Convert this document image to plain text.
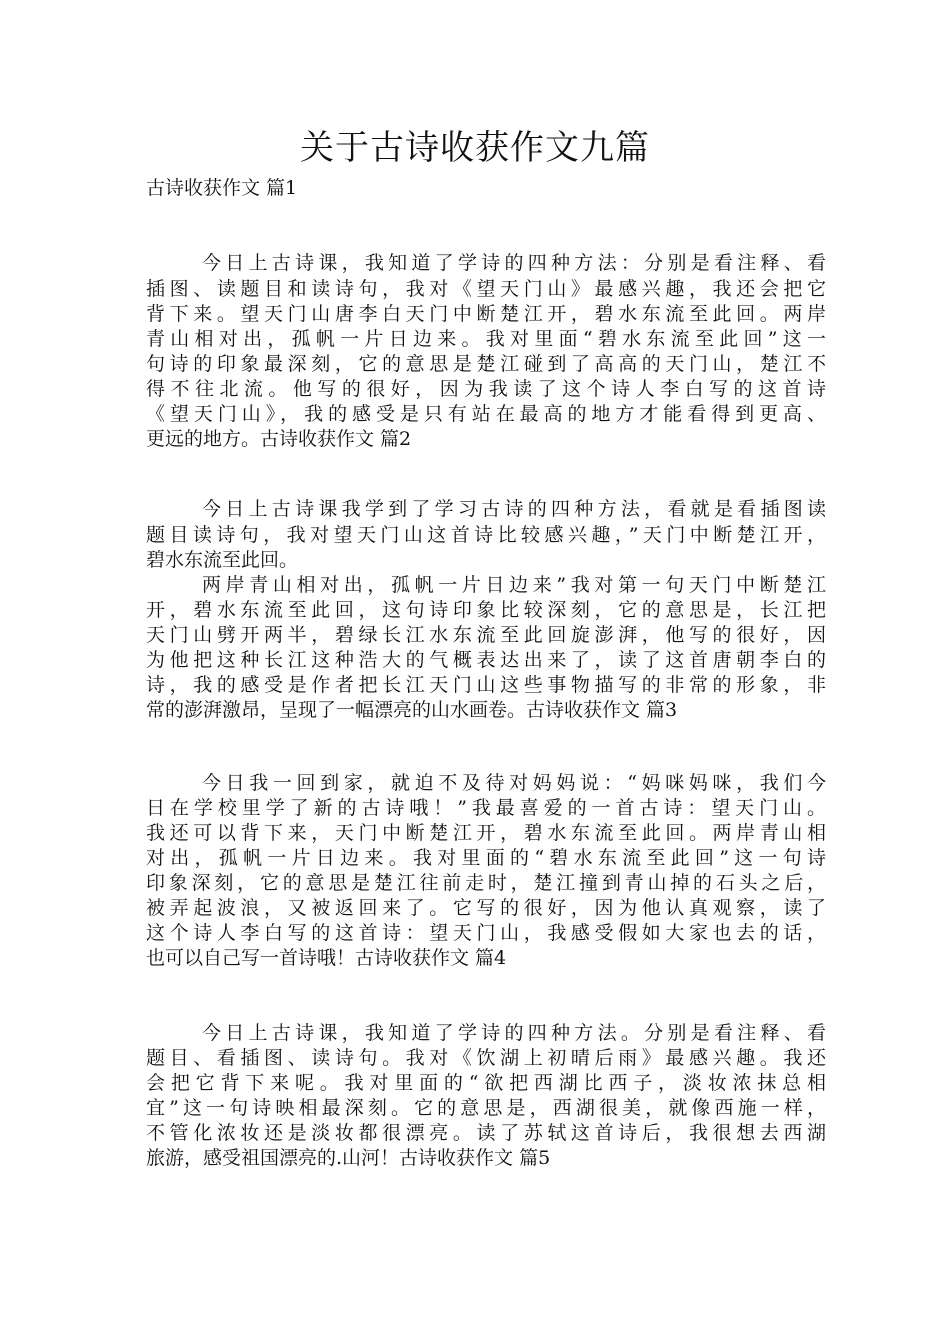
关于古诗收获作文九篇
古诗收获作文 篇1
今日上古诗课，我知道了学诗的四种方法：分别是看注释、看
插图、读题目和读诗句，我对《望天门山》最感兴趣，我还会把它
背下来。望天门山唐李白天门中断楚江开，碧水东流至此回。两岸
青山相对出，孤帆一片日边来。我对里面“碧水东流至此回”这一
句诗的印象最深刻，它的意思是楚江碰到了高高的天门山，楚江不
得不往北流。他写的很好，因为我读了这个诗人李白写的这首诗
《望天门山》，我的感受是只有站在最高的地方才能看得到更高、
更远的地方。古诗收获作文 篇2
今日上古诗课我学到了学习古诗的四种方法，看就是看插图读
题目读诗句，我对望天门山这首诗比较感兴趣，”天门中断楚江开，
碧水东流至此回。
两岸青山相对出，孤帆一片日边来”我对第一句天门中断楚江
开，碧水东流至此回，这句诗印象比较深刻，它的意思是，长江把
天门山劈开两半，碧绿长江水东流至此回旋澎湃，他写的很好，因
为他把这种长江这种浩大的气概表达出来了，读了这首唐朝李白的
诗，我的感受是作者把长江天门山这些事物描写的非常的形象，非
常的澎湃激昂，呈现了一幅漂亮的山水画卷。古诗收获作文 篇3
今日我一回到家，就迫不及待对妈妈说：“妈咪妈咪，我们今
日在学校里学了新的古诗哦！”我最喜爱的一首古诗：望天门山。
我还可以背下来，天门中断楚江开，碧水东流至此回。两岸青山相
对出，孤帆一片日边来。我对里面的“碧水东流至此回”这一句诗
印象深刻，它的意思是楚江往前走时，楚江撞到青山掉的石头之后，
被弄起波浪，又被返回来了。它写的很好，因为他认真观察，读了
这个诗人李白写的这首诗：望天门山，我感受假如大家也去的话，
也可以自己写一首诗哦！古诗收获作文 篇4
今日上古诗课，我知道了学诗的四种方法。分别是看注释、看
题目、看插图、读诗句。我对《饮湖上初晴后雨》最感兴趣。我还
会把它背下来呢。我对里面的“欲把西湖比西子，淡妆浓抹总相
宜”这一句诗映相最深刻。它的意思是，西湖很美，就像西施一样，
不管化浓妆还是淡妆都很漂亮。读了苏轼这首诗后，我很想去西湖
旅游，感受祖国漂亮的.山河！古诗收获作文 篇5
